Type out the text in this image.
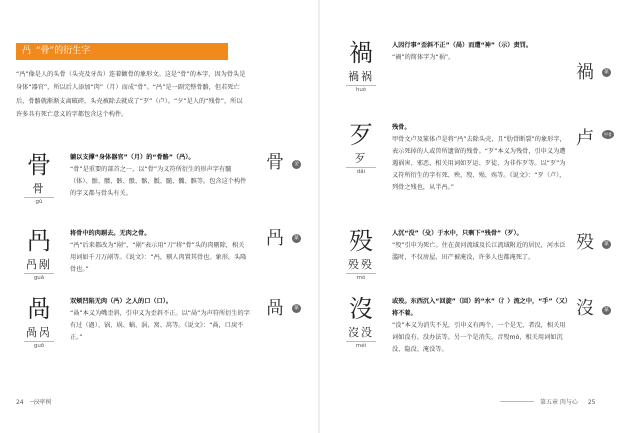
冎 “骨”的衍生字
“冎”像是人的头骨（头壳及牙齿）连着颧骨的象形文。这是“骨”的本字，因为骨头是身体“器官”，所以后人添加“肉”（月）而成“骨”。“冎”是一副完整骨骼，但若死亡后，骨骼就渐渐支离破碎，头壳被除去就成了“歹”（卢）。“夕”是人的“残骨”，所以许多具有死亡意义的字都包含这个构件。
骨
骨
gǔ
躺以支撑“身体器官”（月）的“骨骼”（冎）。
“骨”是重要的部首之一，以“骨”为义符所衍生的形声字有髓（体）、骷、髅、骸、骰、髂、骶、髓、髑、髌等。包含这个构件的字义都与骨头有关。
骨	金
冎
冎剐
guǎ
将骨中的肉剔去。无肉之骨。
“冎”后来都改为“剐”，“剐”表示用“刀”将“骨”头的肉剔除，相关用词如千刀万剐等。《说文》：“冎，剔人肉置其骨也。象形，头隆骨也。”
冎	篆
咼
咼呙
guō
双颊凹陷无肉（冎）之人的口（口）。
“咼”本义为嘴歪斜，引申义为歪斜不正。以“咼”为声符所衍生的字有过（過）、锅、埚、蜗、涡、窝、莴等。《说文》：“咼，口戾不正。”
咼	篆
24 汉字树
禍
禍祸
huò
人因行事“歪斜不正”（咼）而遭“神”（示）责罚。
“禍”的简体字为“祸”。
禍	篆
歹
歹
dǎi
残骨。
甲骨文卢及篆体卢是将“冎”去除头壳，且“肋骨断裂”的象形字，表示死掉的人或兽所遗留的残骨。“歹”本义为残骨，引申义为遭遇祸害、邪恶，相关用词如歹运、歹徒、为非作歹等。以“歹”为义符所衍生的字有死、殃、殁、殒、殇等。《说文》：“歹（卢），列骨之残也，从半冎。”
卢	甲骨
殁
殁殁
mò
人沉“没”（殳）于水中，只剩下“残骨”（歹）。
“殁”引申为死亡。住在黄河流域及长江流域附近的居民，河水泛滥时，不仅房屋、田产被淹没，许多人也都淹死了。
殁	篆
沒
沒没
méi
或殁。东西沉入“回旋”（回）的“水”（氵）流之中，“手”（又）将不着。
“没”本义为消失不见，引申义有两个，一个是无、者没，相关用词如没有、没办法等。另一个是消失，音殁mò，相关用词如沉没、隐没、淹没等。
沒	篆
第五章 肉与心 25
